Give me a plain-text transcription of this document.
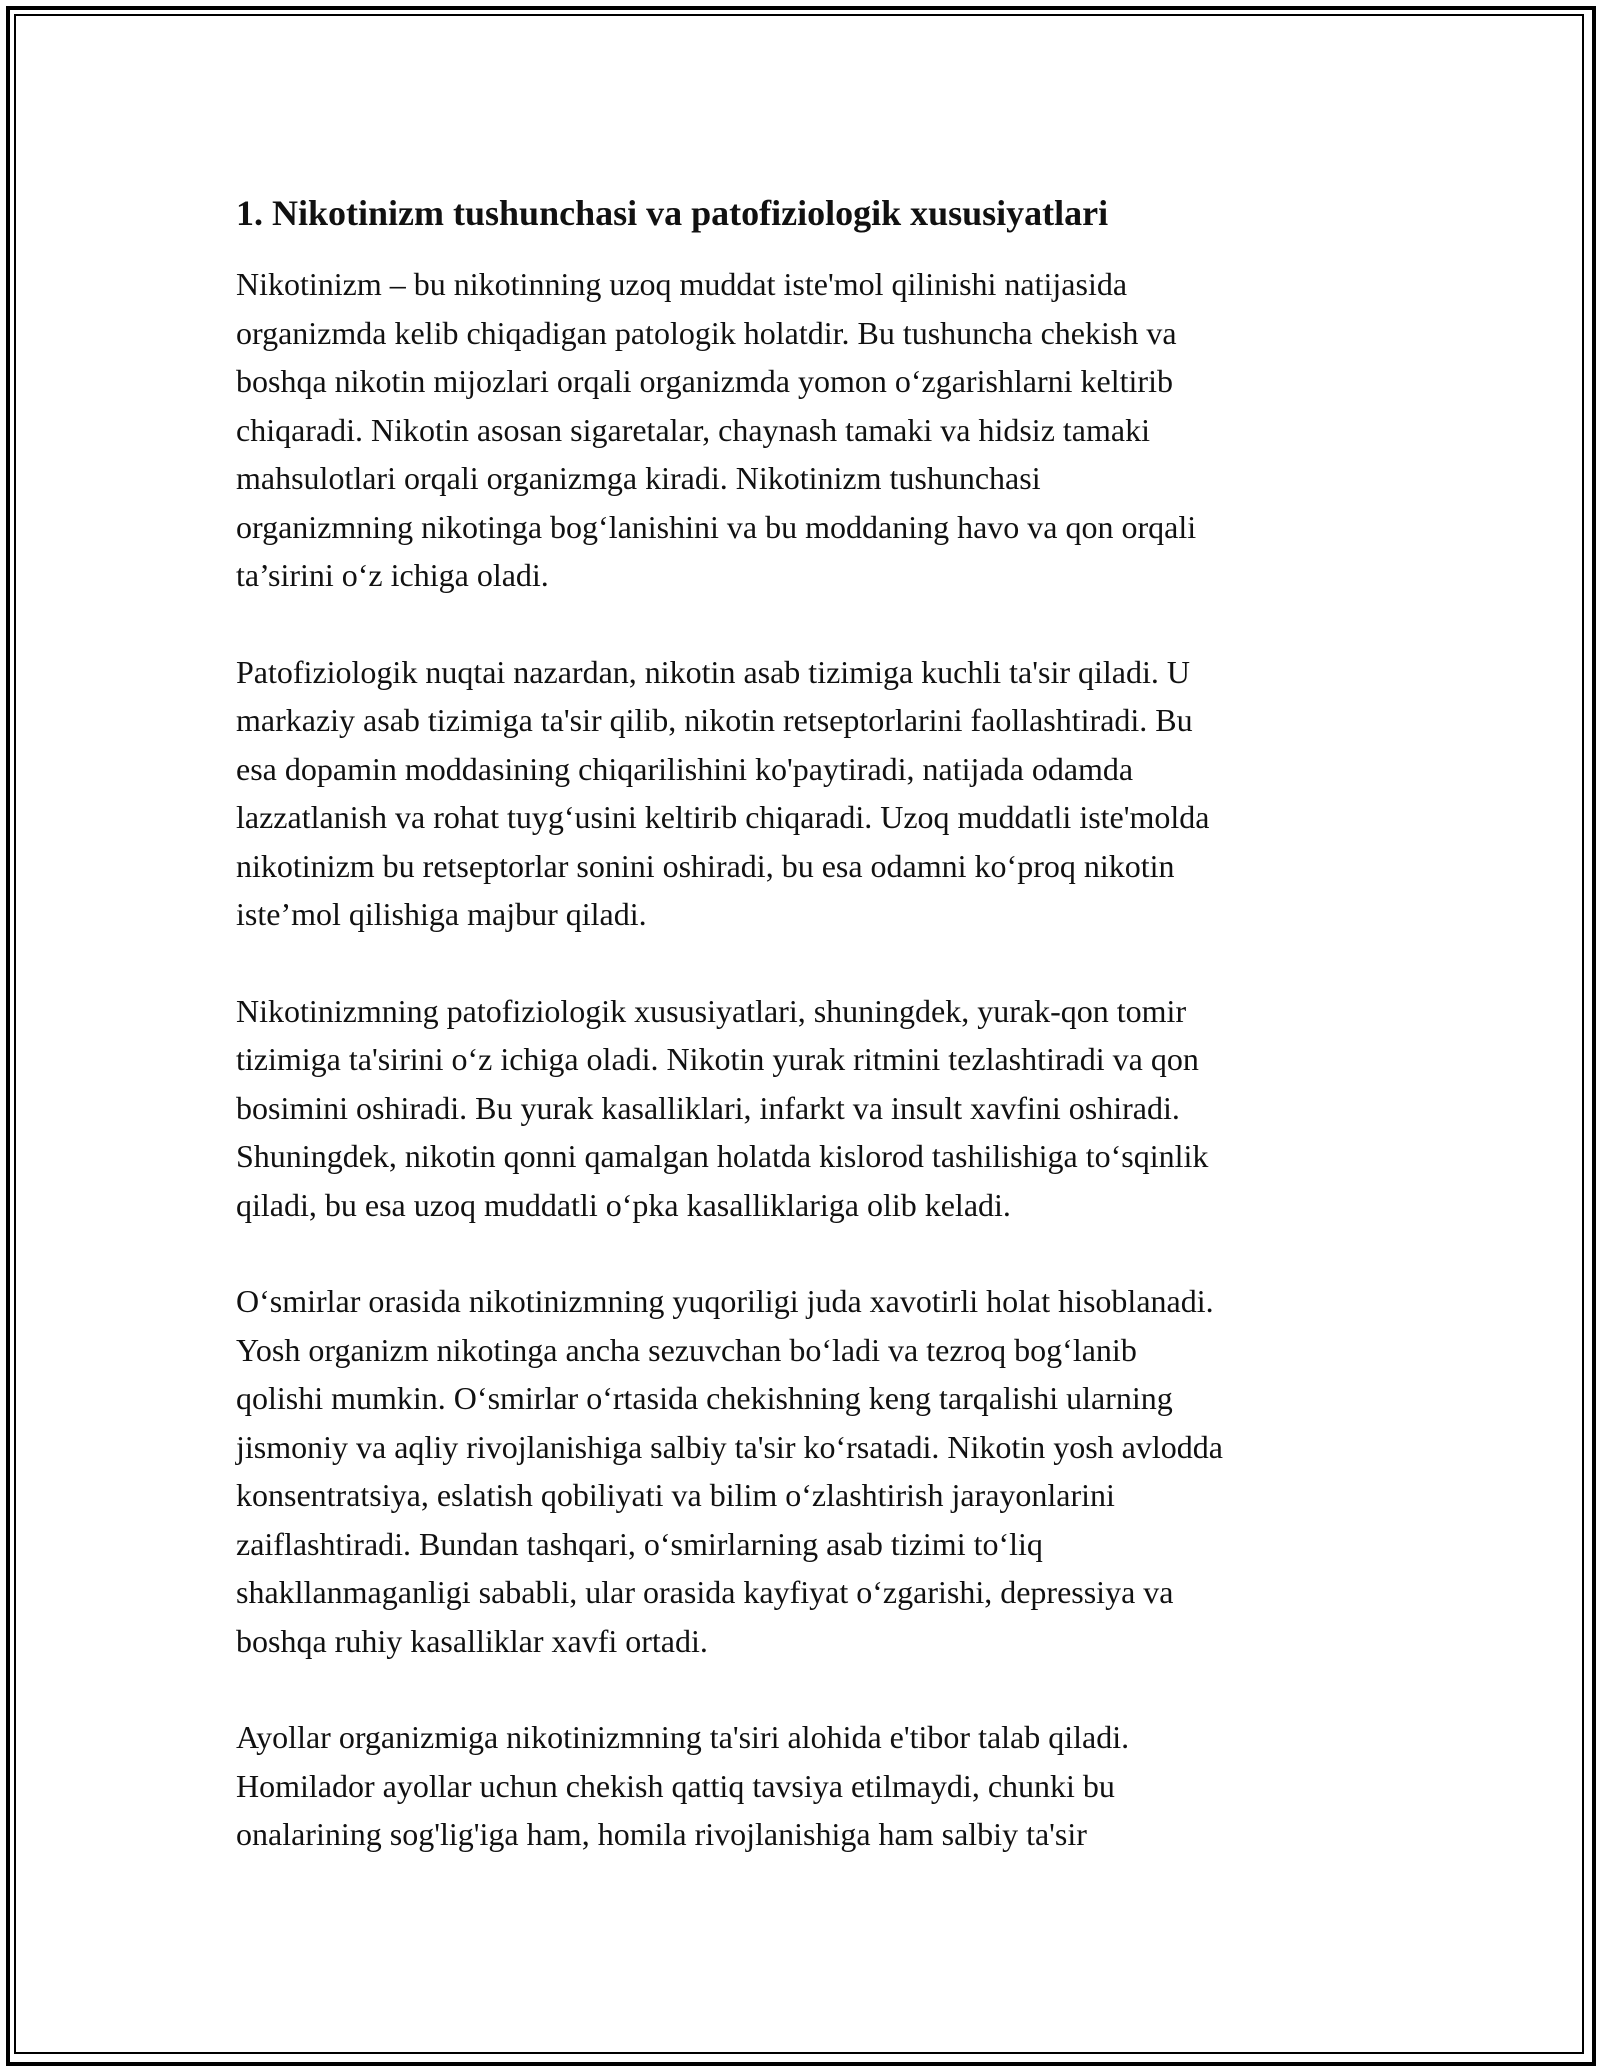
1. Nikotinizm tushunchasi va patofiziologik xususiyatlari

Nikotinizm – bu nikotinning uzoq muddat iste'mol qilinishi natijasida
organizmda kelib chiqadigan patologik holatdir. Bu tushuncha chekish va
boshqa nikotin mijozlari orqali organizmda yomon o‘zgarishlarni keltirib
chiqaradi. Nikotin asosan sigaretalar, chaynash tamaki va hidsiz tamaki
mahsulotlari orqali organizmga kiradi. Nikotinizm tushunchasi
organizmning nikotinga bog‘lanishini va bu moddaning havo va qon orqali
ta’sirini o‘z ichiga oladi.

Patofiziologik nuqtai nazardan, nikotin asab tizimiga kuchli ta'sir qiladi. U
markaziy asab tizimiga ta'sir qilib, nikotin retseptorlarini faollashtiradi. Bu
esa dopamin moddasining chiqarilishini ko'paytiradi, natijada odamda
lazzatlanish va rohat tuyg‘usini keltirib chiqaradi. Uzoq muddatli iste'molda
nikotinizm bu retseptorlar sonini oshiradi, bu esa odamni ko‘proq nikotin
iste’mol qilishiga majbur qiladi.

Nikotinizmning patofiziologik xususiyatlari, shuningdek, yurak-qon tomir
tizimiga ta'sirini o‘z ichiga oladi. Nikotin yurak ritmini tezlashtiradi va qon
bosimini oshiradi. Bu yurak kasalliklari, infarkt va insult xavfini oshiradi.
Shuningdek, nikotin qonni qamalgan holatda kislorod tashilishiga to‘sqinlik
qiladi, bu esa uzoq muddatli o‘pka kasalliklariga olib keladi.

O‘smirlar orasida nikotinizmning yuqoriligi juda xavotirli holat hisoblanadi.
Yosh organizm nikotinga ancha sezuvchan bo‘ladi va tezroq bog‘lanib
qolishi mumkin. O‘smirlar o‘rtasida chekishning keng tarqalishi ularning
jismoniy va aqliy rivojlanishiga salbiy ta'sir ko‘rsatadi. Nikotin yosh avlodda
konsentratsiya, eslatish qobiliyati va bilim o‘zlashtirish jarayonlarini
zaiflashtiradi. Bundan tashqari, o‘smirlarning asab tizimi to‘liq
shakllanmaganligi sababli, ular orasida kayfiyat o‘zgarishi, depressiya va
boshqa ruhiy kasalliklar xavfi ortadi.

Ayollar organizmiga nikotinizmning ta'siri alohida e'tibor talab qiladi.
Homilador ayollar uchun chekish qattiq tavsiya etilmaydi, chunki bu
onalarining sog'lig'iga ham, homila rivojlanishiga ham salbiy ta'sir
